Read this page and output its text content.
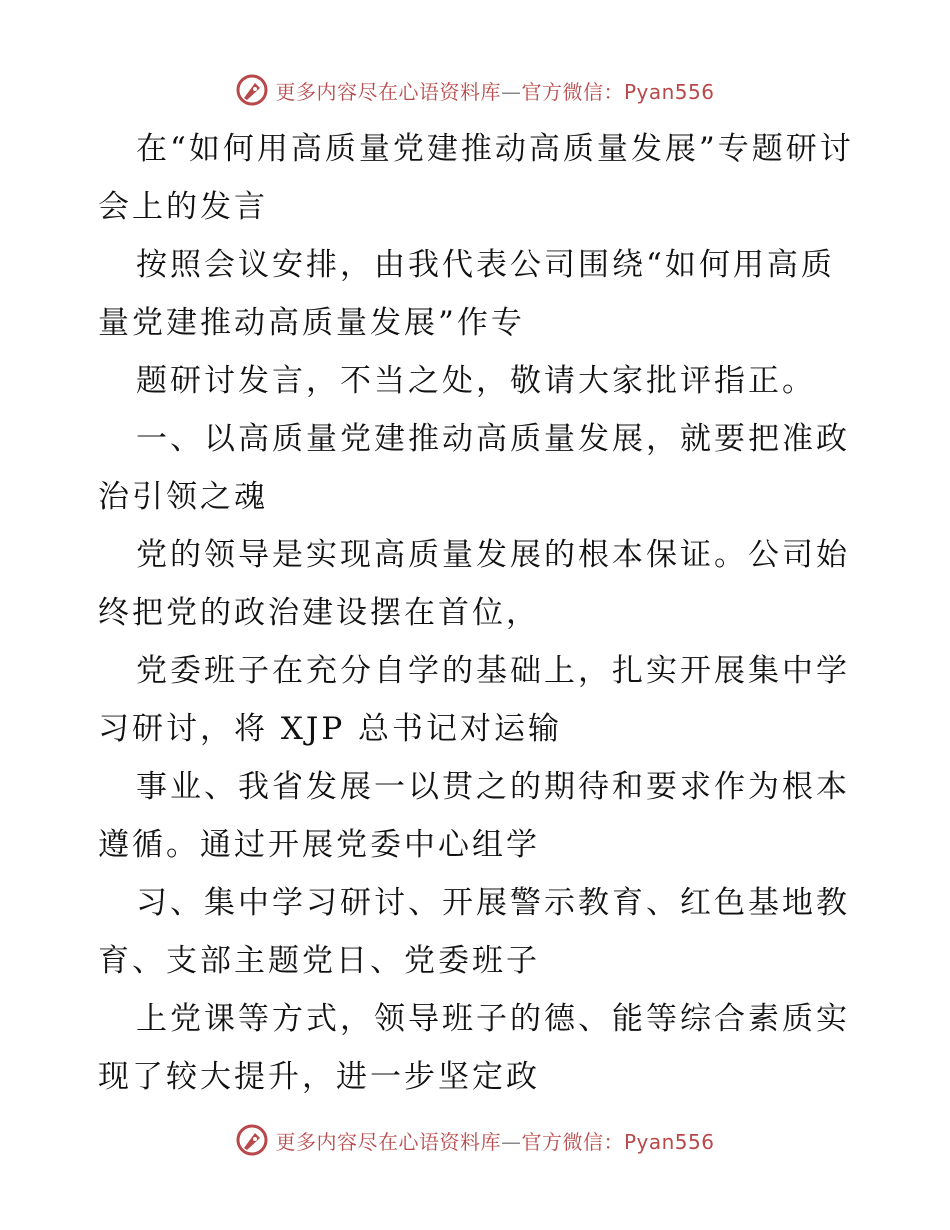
更多内容尽在心语资料库—官方微信：Pyan556

在“如何用高质量党建推动高质量发展”专题研讨会上的发言

按照会议安排，由我代表公司围绕“如何用高质量党建推动高质量发展”作专

题研讨发言，不当之处，敬请大家批评指正。

一、以高质量党建推动高质量发展，就要把准政治引领之魂

党的领导是实现高质量发展的根本保证。公司始终把党的政治建设摆在首位，

党委班子在充分自学的基础上，扎实开展集中学习研讨，将 XJP 总书记对运输

事业、我省发展一以贯之的期待和要求作为根本遵循。通过开展党委中心组学

习、集中学习研讨、开展警示教育、红色基地教育、支部主题党日、党委班子

上党课等方式，领导班子的德、能等综合素质实现了较大提升，进一步坚定政

更多内容尽在心语资料库—官方微信：Pyan556
